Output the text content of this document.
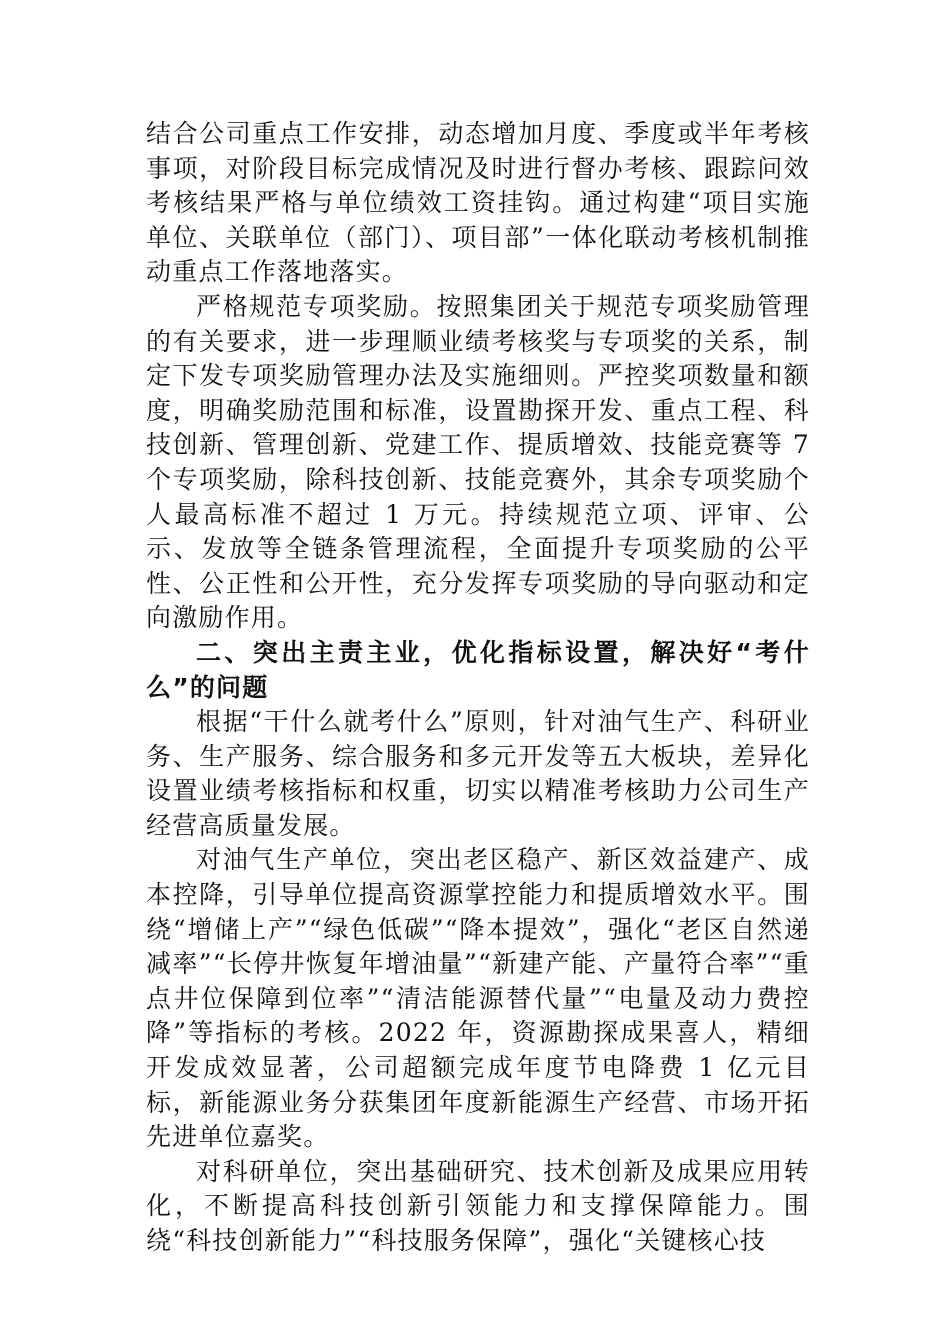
结合公司重点工作安排，动态增加月度、季度或半年考核事项，对阶段目标完成情况及时进行督办考核、跟踪问效考核结果严格与单位绩效工资挂钩。通过构建“项目实施单位、关联单位（部门）、项目部”一体化联动考核机制推动重点工作落地落实。

严格规范专项奖励。按照集团关于规范专项奖励管理的有关要求，进一步理顺业绩考核奖与专项奖的关系，制定下发专项奖励管理办法及实施细则。严控奖项数量和额度，明确奖励范围和标准，设置勘探开发、重点工程、科技创新、管理创新、党建工作、提质增效、技能竞赛等 7 个专项奖励，除科技创新、技能竞赛外，其余专项奖励个人最高标准不超过 1 万元。持续规范立项、评审、公示、发放等全链条管理流程，全面提升专项奖励的公平性、公正性和公开性，充分发挥专项奖励的导向驱动和定向激励作用。

二、突出主责主业，优化指标设置，解决好“考什么”的问题

根据“干什么就考什么”原则，针对油气生产、科研业务、生产服务、综合服务和多元开发等五大板块，差异化设置业绩考核指标和权重，切实以精准考核助力公司生产经营高质量发展。

对油气生产单位，突出老区稳产、新区效益建产、成本控降，引导单位提高资源掌控能力和提质增效水平。围绕“增储上产”“绿色低碳”“降本提效”，强化“老区自然递减率”“长停井恢复年增油量”“新建产能、产量符合率”“重点井位保障到位率”“清洁能源替代量”“电量及动力费控降”等指标的考核。2022 年，资源勘探成果喜人，精细开发成效显著，公司超额完成年度节电降费 1 亿元目标，新能源业务分获集团年度新能源生产经营、市场开拓先进单位嘉奖。

对科研单位，突出基础研究、技术创新及成果应用转化，不断提高科技创新引领能力和支撑保障能力。围绕“科技创新能力”“科技服务保障”，强化“关键核心技
